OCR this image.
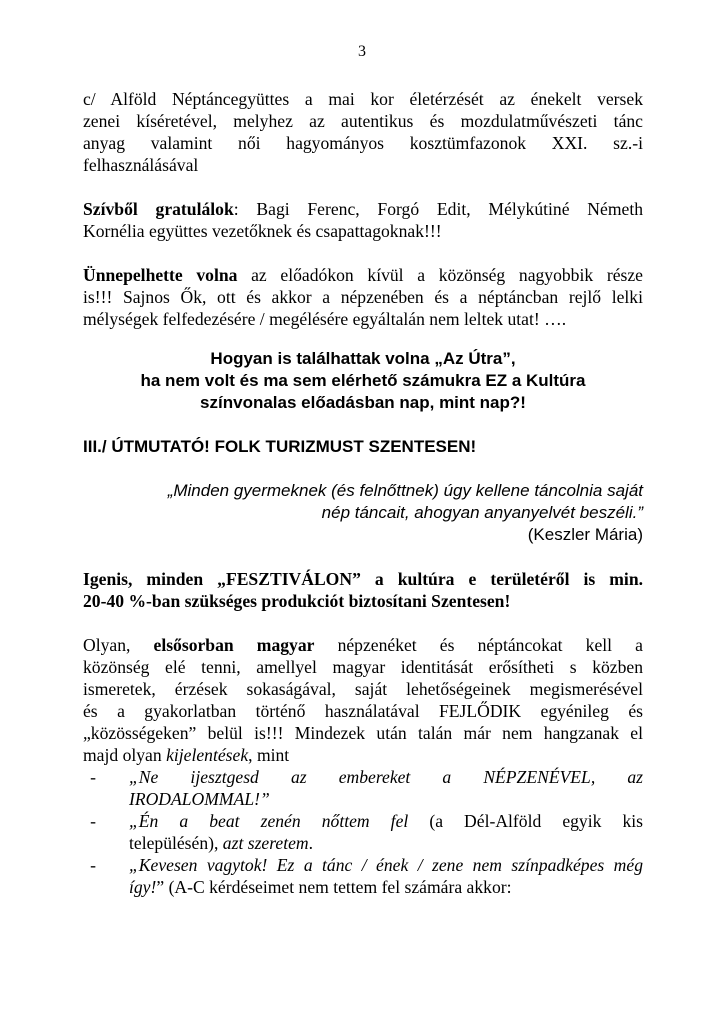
3
c/ Alföld Néptáncegyüttes a mai kor életérzését az énekelt versek
zenei kíséretével, melyhez az autentikus és mozdulatművészeti tánc
anyag valamint női hagyományos kosztümfazonok XXI. sz.-i
felhasználásával
Szívből gratulálok: Bagi Ferenc, Forgó Edit, Mélykútiné Németh
Kornélia együttes vezetőknek és csapattagoknak!!!
Ünnepelhette volna az előadókon kívül a közönség nagyobbik része
is!!! Sajnos Ők, ott és akkor a népzenében és a néptáncban rejlő lelki
mélységek felfedezésére / megélésére egyáltalán nem leltek utat! ….
Hogyan is találhattak volna „Az Útra”,
ha nem volt és ma sem elérhető számukra EZ a Kultúra
színvonalas előadásban nap, mint nap?!
III./ ÚTMUTATÓ! FOLK TURIZMUST SZENTESEN!
„Minden gyermeknek (és felnőttnek) úgy kellene táncolnia saját
nép táncait, ahogyan anyanyelvét beszéli.”
(Keszler Mária)
Igenis, minden „FESZTIVÁLON” a kultúra e területéről is min.
20-40 %-ban szükséges produkciót biztosítani Szentesen!
Olyan, elsősorban magyar népzenéket és néptáncokat kell a
közönség elé tenni, amellyel magyar identitását erősítheti s közben
ismeretek, érzések sokaságával, saját lehetőségeinek megismerésével
és a gyakorlatban történő használatával FEJLŐDIK egyénileg és
„közösségeken” belül is!!! Mindezek után talán már nem hangzanak el
majd olyan kijelentések, mint
-	„Ne ijesztgesd az embereket a NÉPZENÉVEL, az
IRODALOMMAL!”
-	„Én a beat zenén nőttem fel (a Dél-Alföld egyik kis
településén), azt szeretem.
-	„Kevesen vagytok! Ez a tánc / ének / zene nem színpadképes még
így!” (A-C kérdéseimet nem tettem fel számára akkor:
